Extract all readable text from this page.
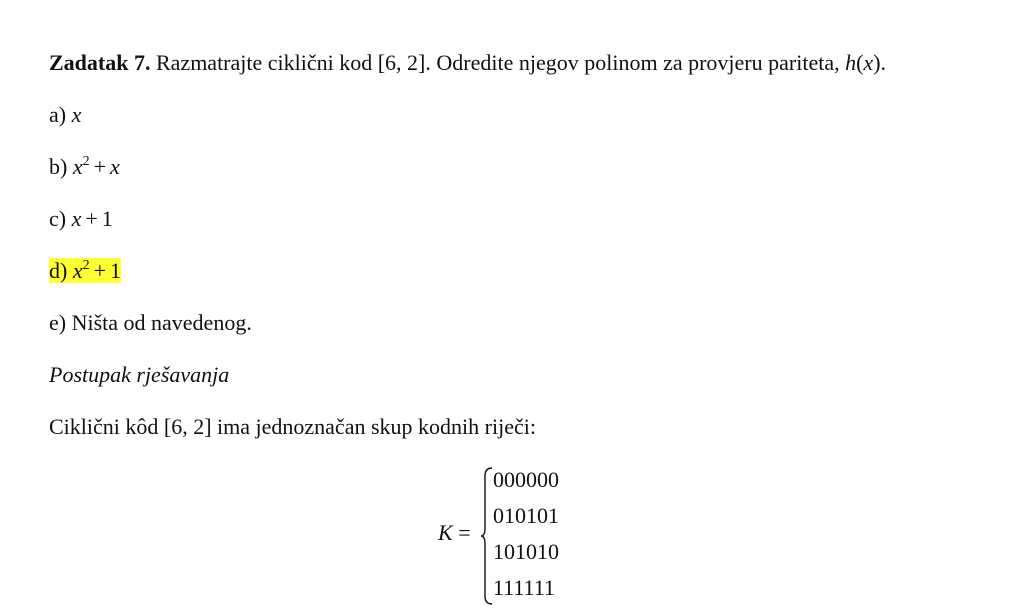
Zadatak 7. Razmatrajte ciklični kod [6, 2]. Odredite njegov polinom za provjeru pariteta, h(x).
a) x
b) $x^2 + x$
c) x + 1
d) $x^2 + 1$
e) Ništa od navedenog.
Postupak rješavanja
Ciklični kôd [6, 2] ima jednoznačan skup kodnih riječi:
K =
000000
010101
101010
111111
